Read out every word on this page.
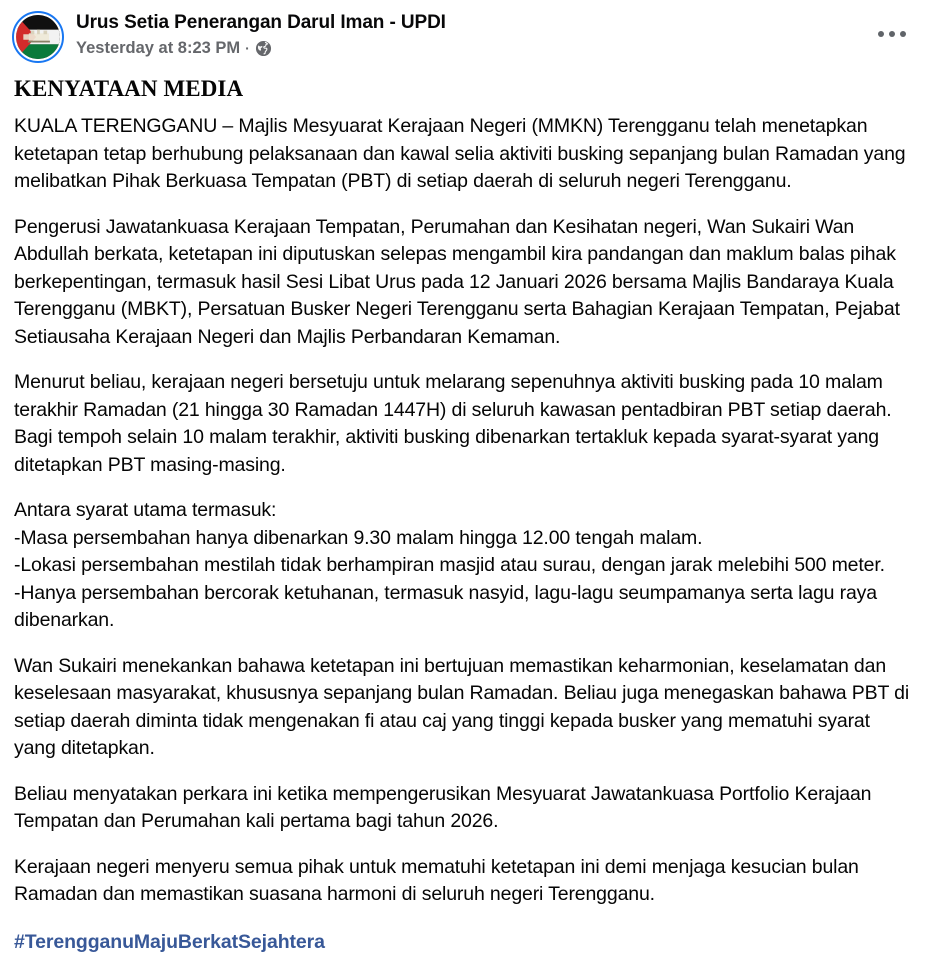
Urus Setia Penerangan Darul Iman - UPDI
Yesterday at 8:23 PM ·
KENYATAAN MEDIA

KUALA TERENGGANU – Majlis Mesyuarat Kerajaan Negeri (MMKN) Terengganu telah menetapkan ketetapan tetap berhubung pelaksanaan dan kawal selia aktiviti busking sepanjang bulan Ramadan yang melibatkan Pihak Berkuasa Tempatan (PBT) di setiap daerah di seluruh negeri Terengganu.

Pengerusi Jawatankuasa Kerajaan Tempatan, Perumahan dan Kesihatan negeri, Wan Sukairi Wan Abdullah berkata, ketetapan ini diputuskan selepas mengambil kira pandangan dan maklum balas pihak berkepentingan, termasuk hasil Sesi Libat Urus pada 12 Januari 2026 bersama Majlis Bandaraya Kuala Terengganu (MBKT), Persatuan Busker Negeri Terengganu serta Bahagian Kerajaan Tempatan, Pejabat Setiausaha Kerajaan Negeri dan Majlis Perbandaran Kemaman.

Menurut beliau, kerajaan negeri bersetuju untuk melarang sepenuhnya aktiviti busking pada 10 malam terakhir Ramadan (21 hingga 30 Ramadan 1447H) di seluruh kawasan pentadbiran PBT setiap daerah. Bagi tempoh selain 10 malam terakhir, aktiviti busking dibenarkan tertakluk kepada syarat-syarat yang ditetapkan PBT masing-masing.

Antara syarat utama termasuk:
-Masa persembahan hanya dibenarkan 9.30 malam hingga 12.00 tengah malam.
-Lokasi persembahan mestilah tidak berhampiran masjid atau surau, dengan jarak melebihi 500 meter.
-Hanya persembahan bercorak ketuhanan, termasuk nasyid, lagu-lagu seumpamanya serta lagu raya dibenarkan.

Wan Sukairi menekankan bahawa ketetapan ini bertujuan memastikan keharmonian, keselamatan dan keselesaan masyarakat, khususnya sepanjang bulan Ramadan. Beliau juga menegaskan bahawa PBT di setiap daerah diminta tidak mengenakan fi atau caj yang tinggi kepada busker yang mematuhi syarat yang ditetapkan.

Beliau menyatakan perkara ini ketika mempengerusikan Mesyuarat Jawatankuasa Portfolio Kerajaan Tempatan dan Perumahan kali pertama bagi tahun 2026.

Kerajaan negeri menyeru semua pihak untuk mematuhi ketetapan ini demi menjaga kesucian bulan Ramadan dan memastikan suasana harmoni di seluruh negeri Terengganu.

#TerengganuMajuBerkatSejahtera
